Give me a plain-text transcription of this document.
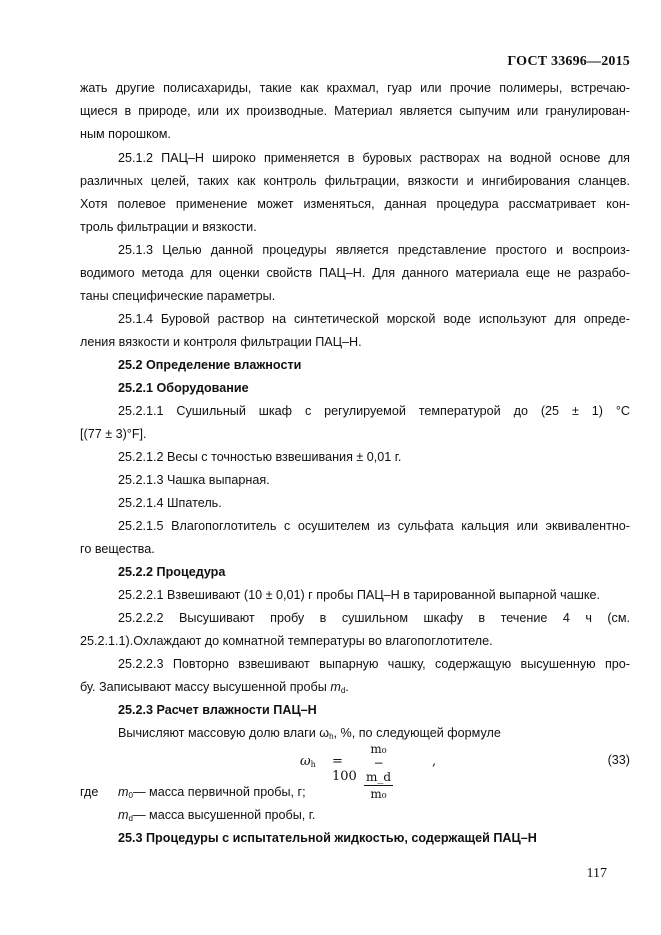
ГОСТ 33696—2015
жать другие полисахариды, такие как крахмал, гуар или прочие полимеры, встречаю-
щиеся в природе, или их производные. Материал является сыпучим или гранулирован-
ным порошком.
25.1.2 ПАЦ–Н широко применяется в буровых растворах на водной основе для
различных целей, таких как контроль фильтрации, вязкости и ингибирования сланцев.
Хотя полевое применение может изменяться, данная процедура рассматривает кон-
троль фильтрации и вязкости.
25.1.3 Целью данной процедуры является представление простого и воспроиз-
водимого метода для оценки свойств ПАЦ–Н. Для данного материала еще не разрабо-
таны специфические параметры.
25.1.4 Буровой раствор на синтетической морской воде используют для опреде-
ления вязкости и контроля фильтрации ПАЦ–Н.
25.2 Определение влажности
25.2.1 Оборудование
25.2.1.1 Сушильный шкаф с регулируемой температурой до (25 ± 1) °С
[(77 ± 3)°F].
25.2.1.2 Весы с точностью взвешивания ± 0,01 г.
25.2.1.3 Чашка выпарная.
25.2.1.4 Шпатель.
25.2.1.5 Влагопоглотитель с осушителем из сульфата кальция или эквивалентно-
го вещества.
25.2.2 Процедура
25.2.2.1 Взвешивают (10 ± 0,01) г пробы ПАЦ–Н в тарированной выпарной чашке.
25.2.2.2 Высушивают пробу в сушильном шкафу в течение 4 ч (см.
25.2.1.1).Охлаждают до комнатной температуры во влагопоглотителе.
25.2.2.3 Повторно взвешивают выпарную чашку, содержащую высушенную про-
бу. Записывают массу высушенной пробы $m_d$.
25.2.3 Расчет влажности ПАЦ–Н
Вычисляют массовую долю влаги $\omega_h$, %, по следующей формуле
$\omega_h = 100$
m₀ − m_d
m₀
,	(33)
где $m_0—$ масса первичной пробы, г;
$m_d—$ масса высушенной пробы, г.
25.3 Процедуры с испытательной жидкостью, содержащей ПАЦ–Н
117
